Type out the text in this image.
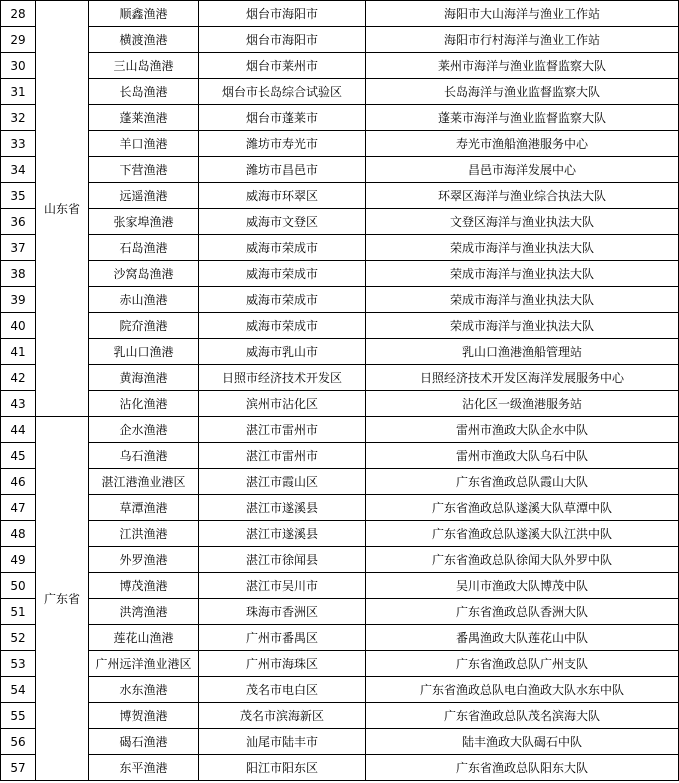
28	山东省	顺鑫渔港	烟台市海阳市	海阳市大山海洋与渔业工作站
29		横渡渔港	烟台市海阳市	海阳市行村海洋与渔业工作站
30		三山岛渔港	烟台市莱州市	莱州市海洋与渔业监督监察大队
31		长岛渔港	烟台市长岛综合试验区	长岛海洋与渔业监督监察大队
32		蓬莱渔港	烟台市蓬莱市	蓬莱市海洋与渔业监督监察大队
33		羊口渔港	潍坊市寿光市	寿光市渔船渔港服务中心
34		下营渔港	潍坊市昌邑市	昌邑市海洋发展中心
35		远遥渔港	威海市环翠区	环翠区海洋与渔业综合执法大队
36		张家埠渔港	威海市文登区	文登区海洋与渔业执法大队
37		石岛渔港	威海市荣成市	荣成市海洋与渔业执法大队
38		沙窝岛渔港	威海市荣成市	荣成市海洋与渔业执法大队
39		赤山渔港	威海市荣成市	荣成市海洋与渔业执法大队
40		院夼渔港	威海市荣成市	荣成市海洋与渔业执法大队
41		乳山口渔港	威海市乳山市	乳山口渔港渔船管理站
42		黄海渔港	日照市经济技术开发区	日照经济技术开发区海洋发展服务中心
43		沾化渔港	滨州市沾化区	沾化区一级渔港服务站
44	广东省	企水渔港	湛江市雷州市	雷州市渔政大队企水中队
45		乌石渔港	湛江市雷州市	雷州市渔政大队乌石中队
46		湛江港渔业港区	湛江市霞山区	广东省渔政总队霞山大队
47		草潭渔港	湛江市遂溪县	广东省渔政总队遂溪大队草潭中队
48		江洪渔港	湛江市遂溪县	广东省渔政总队遂溪大队江洪中队
49		外罗渔港	湛江市徐闻县	广东省渔政总队徐闻大队外罗中队
50		博茂渔港	湛江市吴川市	吴川市渔政大队博茂中队
51		洪湾渔港	珠海市香洲区	广东省渔政总队香洲大队
52		莲花山渔港	广州市番禺区	番禺渔政大队莲花山中队
53		广州远洋渔业港区	广州市海珠区	广东省渔政总队广州支队
54		水东渔港	茂名市电白区	广东省渔政总队电白渔政大队水东中队
55		博贺渔港	茂名市滨海新区	广东省渔政总队茂名滨海大队
56		碣石渔港	汕尾市陆丰市	陆丰渔政大队碣石中队
57		东平渔港	阳江市阳东区	广东省渔政总队阳东大队
